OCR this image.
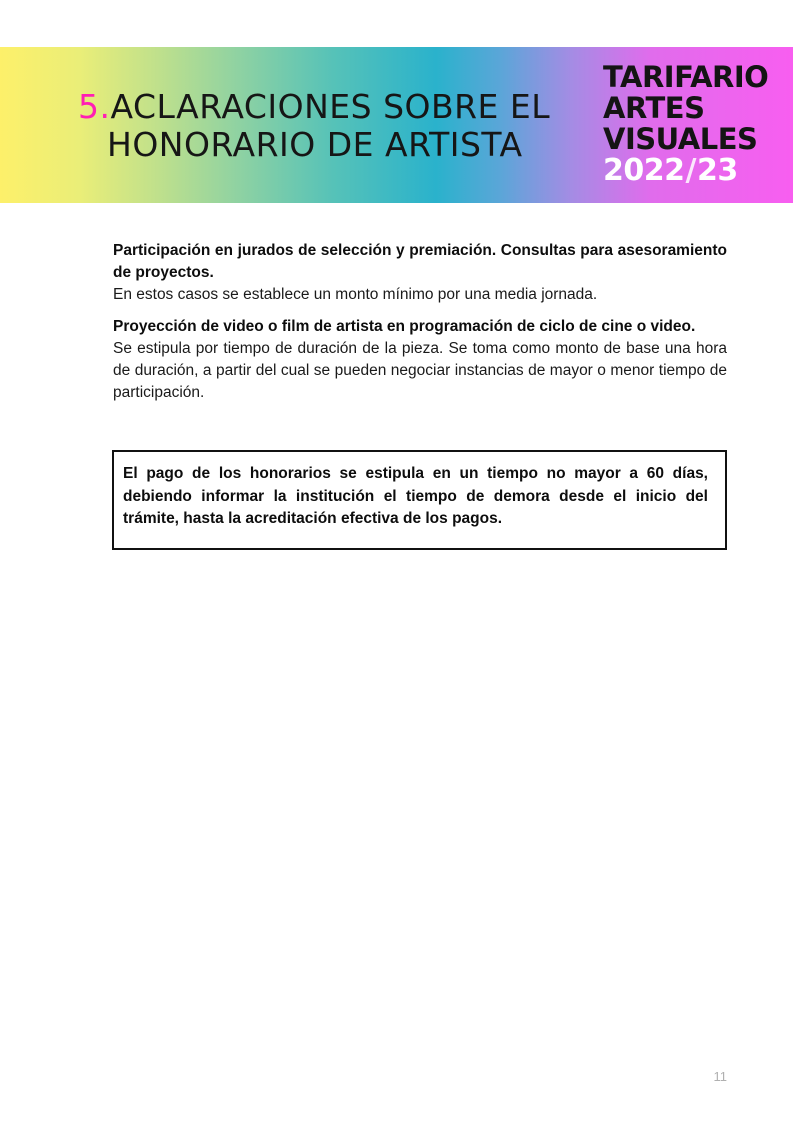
5.ACLARACIONES SOBRE EL
HONORARIO DE ARTISTA
TARIFARIO
ARTES
VISUALES
2022/23

Participación en jurados de selección y premiación. Consultas para asesoramiento de proyectos.

En estos casos se establece un monto mínimo por una media jornada.

Proyección de video o film de artista en programación de ciclo de cine o video.

Se estipula por tiempo de duración de la pieza. Se toma como monto de base una hora de duración, a partir del cual se pueden negociar instancias de mayor o menor tiempo de participación.

El pago de los honorarios se estipula en un tiempo no mayor a 60 días, debiendo informar la institución el tiempo de demora desde el inicio del trámite, hasta la acreditación efectiva de los pagos.

11
